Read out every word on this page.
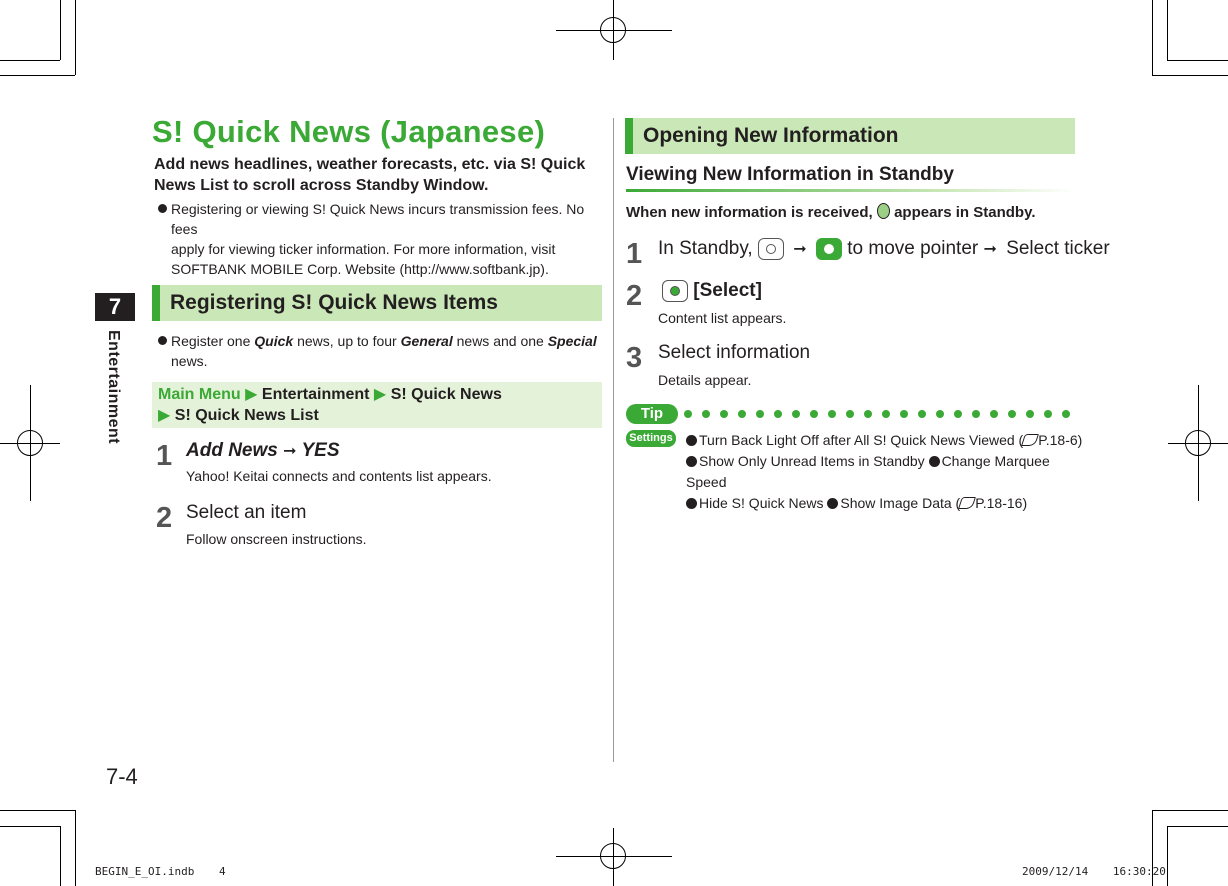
7
Entertainment
7-4
S! Quick News (Japanese)
Add news headlines, weather forecasts, etc. via S! Quick News List to scroll across Standby Window.
Registering or viewing S! Quick News incurs transmission fees. No fees
apply for viewing ticker information. For more information, visit
SOFTBANK MOBILE Corp. Website (http://www.softbank.jp).
Registering S! Quick News Items
Register one Quick news, up to four General news and one Special
news.
Main Menu ▶ Entertainment ▶ S! Quick News
▶ S! Quick News List
1 Add News ➞ YES
Yahoo! Keitai connects and contents list appears.
2 Select an item
Follow onscreen instructions.
Opening New Information
Viewing New Information in Standby
When new information is received,  appears in Standby.
1 In Standby,
➞
to move pointer ➞ Select ticker
2	[Select]
Content list appears.
3 Select information
Details appear.
Tip
Settings	Turn Back Light Off after All S! Quick News Viewed ( P.18-6)
Show Only Unread Items in Standby Change Marquee Speed
Hide S! Quick News Show Image Data ( P.18-16)
BEGIN_E_OI.indb 4	2009/12/14 16:30:20
